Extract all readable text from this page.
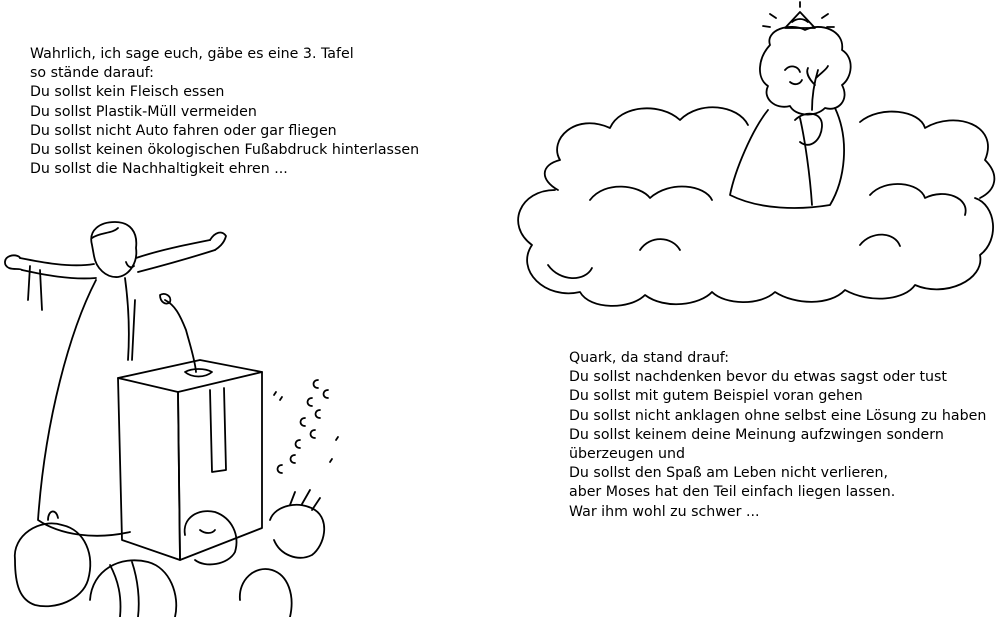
Wahrlich, ich sage euch, gäbe es eine 3. Tafel
so stände darauf:
Du sollst kein Fleisch essen
Du sollst Plastik-Müll vermeiden
Du sollst nicht Auto fahren oder gar fliegen
Du sollst keinen ökologischen Fußabdruck hinterlassen
Du sollst die Nachhaltigkeit ehren ...
Quark, da stand drauf:
Du sollst nachdenken bevor du etwas sagst oder tust
Du sollst mit gutem Beispiel voran gehen
Du sollst nicht anklagen ohne selbst eine Lösung zu haben
Du sollst keinem deine Meinung aufzwingen sondern
überzeugen und
Du sollst den Spaß am Leben nicht verlieren,
aber Moses hat den Teil einfach liegen lassen.
War ihm wohl zu schwer ...
